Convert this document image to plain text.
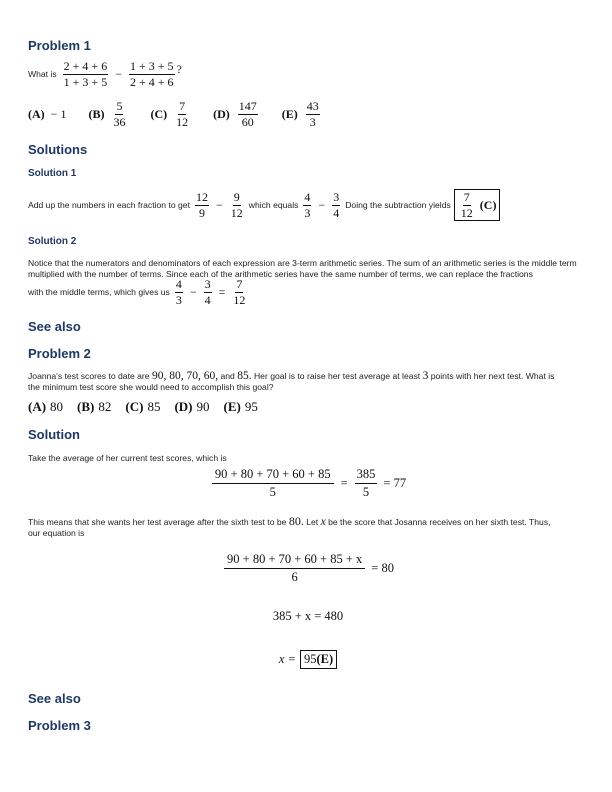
Problem 1
What is $\frac{2 + 4 + 6}{1 + 3 + 5} - \frac{1 + 3 + 5}{2 + 4 + 6}$ ?
(A) − 1 $(B) \frac{5}{36} (C) \frac{7}{12} (D) \frac{147}{60} (E) \frac{43}{3}$
Solutions
Solution 1
Add up the numbers in each fraction to get $\frac{12}{9} - \frac{9}{12}$ which equals $\frac{4}{3} - \frac{3}{4}$ Doing the subtraction yields $\frac{7}{12} (C)$
Solution 2
Notice that the numerators and denominators of each expression are 3-term arithmetic series. The sum of an arithmetic series is the middle term multiplied with the number of terms. Since each of the arithmetic series have the same number of terms, we can replace the fractions
with the middle terms, which gives us $\frac{4}{3} - \frac{3}{4} = \frac{7}{12}$
See also
Problem 2
Joanna's test scores to date are 90, 80, 70, 60, and 85. Her goal is to raise her test average at least 3 points with her next test. What is
the minimum test score she would need to accomplish this goal?
(A) 80 (B) 82 (C) 85 (D) 90 (E) 95
Solution
Take the average of her current test scores, which is
$\frac{90 + 80 + 70 + 60 + 85}{5} = \frac{385}{5} = 77$
This means that she wants her test average after the sixth test to be 80. Let x be the score that Josanna receives on her sixth test. Thus,
our equation is
$\frac{90 + 80 + 70 + 60 + 85 + x}{6} = 80$
385 + x = 480
x = 95 (E)
See also
Problem 3
